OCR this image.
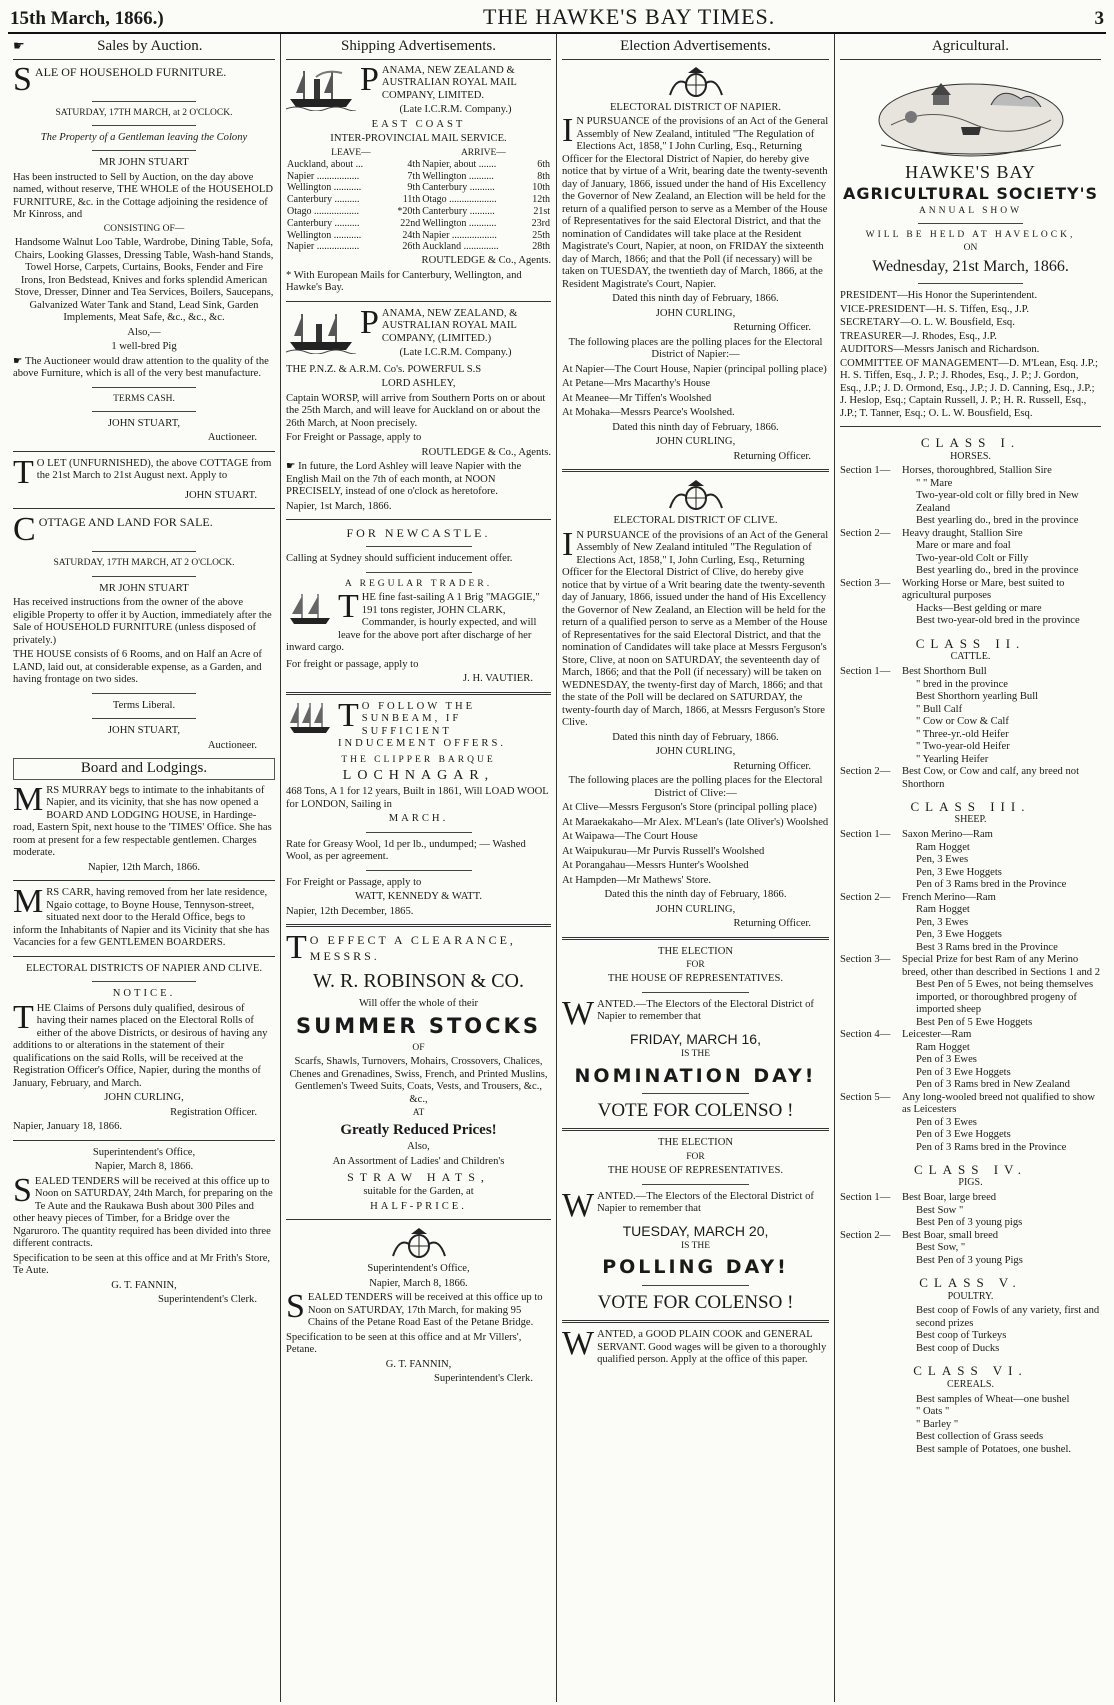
15th March, 1866.)	THE HAWKE'S BAY TIMES.	3
☛	Sales by Auction.

SALE OF HOUSEHOLD FURNITURE.

SATURDAY, 17TH MARCH, at 2 O'CLOCK.

The Property of a Gentleman leaving the Colony

MR JOHN STUART

Has been instructed to Sell by Auction, on the day above named, without reserve, THE WHOLE of the HOUSEHOLD FURNITURE, &c. in the Cottage adjoining the residence of Mr Kinross, and

CONSISTING OF—

Handsome Walnut Loo Table, Wardrobe, Dining Table, Sofa, Chairs, Looking Glasses, Dressing Table, Wash-hand Stands, Towel Horse, Carpets, Curtains, Books, Fender and Fire Irons, Iron Bedstead, Knives and forks splendid American Stove, Dresser, Dinner and Tea Services, Boilers, Saucepans, Galvanized Water Tank and Stand, Lead Sink, Garden Implements, Meat Safe, &c., &c., &c.

Also,—

1 well-bred Pig

☛ The Auctioneer would draw attention to the quality of the above Furniture, which is all of the very best manufacture.

TERMS CASH.

JOHN STUART,

Auctioneer.

T O LET (UNFURNISHED), the above COTTAGE from the 21st March to 21st August next. Apply to

JOHN STUART.

COTTAGE AND LAND FOR SALE.

SATURDAY, 17TH MARCH, AT 2 O'CLOCK.

MR JOHN STUART

Has received instructions from the owner of the above eligible Property to offer it by Auction, immediately after the Sale of HOUSEHOLD FURNITURE (unless disposed of privately.)

THE HOUSE consists of 6 Rooms, and on Half an Acre of LAND, laid out, at considerable expense, as a Garden, and having frontage on two sides.

Terms Liberal.

JOHN STUART,

Auctioneer.

Board and Lodgings.

MRS MURRAY begs to intimate to the inhabitants of Napier, and its vicinity, that she has now opened a BOARD AND LODGING HOUSE, in Hardinge-road, Eastern Spit, next house to the 'TIMES' Office. She has room at present for a few respectable gentlemen. Charges moderate.

Napier, 12th March, 1866.

MRS CARR, having removed from her late residence, Ngaio cottage, to Boyne House, Tennyson-street, situated next door to the Herald Office, begs to inform the Inhabitants of Napier and its Vicinity that she has Vacancies for a few GENTLEMEN BOARDERS.

ELECTORAL DISTRICTS OF NAPIER AND CLIVE.

NOTICE.

THE Claims of Persons duly qualified, desirous of having their names placed on the Electoral Rolls of either of the above Districts, or desirous of having any additions to or alterations in the statement of their qualifications on the said Rolls, will be received at the Registration Officer's Office, Napier, during the months of January, February, and March.

JOHN CURLING,

Registration Officer.

Napier, January 18, 1866.

Superintendent's Office,

Napier, March 8, 1866.

SEALED TENDERS will be received at this office up to Noon on SATURDAY, 24th March, for preparing on the Te Aute and the Raukawa Bush about 300 Piles and other heavy pieces of Timber, for a Bridge over the Ngaruroro. The quantity required has been divided into three different contracts.

Specification to be seen at this office and at Mr Frith's Store, Te Aute.

G. T. FANNIN,

Superintendent's Clerk.

Shipping Advertisements.

PANAMA, NEW ZEALAND & AUSTRALIAN ROYAL MAIL COMPANY, LIMITED.

(Late I.C.R.M. Company.)

EAST COAST

INTER-PROVINCIAL MAIL SERVICE.

LEAVE—	ARRIVE—
Auckland, about ...	4th	Napier, about .......	6th
Napier .................	7th	Wellington ..........	8th
Wellington ...........	9th	Canterbury ..........	10th
Canterbury ..........	11th	Otago ...................	12th
Otago ..................	*20th	Canterbury ..........	21st
Canterbury ..........	22nd	Wellington ...........	23rd
Wellington ...........	24th	Napier ..................	25th
Napier .................	26th	Auckland ..............	28th

ROUTLEDGE & Co., Agents.

* With European Mails for Canterbury, Wellington, and Hawke's Bay.

PANAMA, NEW ZEALAND, & AUSTRALIAN ROYAL MAIL COMPANY, (LIMITED.)

(Late I.C.R.M. Company.)

THE P.N.Z. & A.R.M. Co's. POWERFUL S.S

LORD ASHLEY,

Captain WORSP, will arrive from Southern Ports on or about the 25th March, and will leave for Auckland on or about the 26th March, at Noon precisely.

For Freight or Passage, apply to

ROUTLEDGE & Co., Agents.

☛ In future, the Lord Ashley will leave Napier with the English Mail on the 7th of each month, at NOON PRECISELY, instead of one o'clock as heretofore.

Napier, 1st March, 1866.

FOR NEWCASTLE.

Calling at Sydney should sufficient inducement offer.

A REGULAR TRADER.

THE fine fast-sailing A 1 Brig "MAGGIE," 191 tons register, JOHN CLARK, Commander, is hourly expected, and will leave for the above port after discharge of her inward cargo.

For freight or passage, apply to

J. H. VAUTIER.

T O FOLLOW THE SUNBEAM, IF SUFFICIENT INDUCEMENT OFFERS.

THE CLIPPER BARQUE

LOCHNAGAR,

468 Tons, A 1 for 12 years, Built in 1861, Will LOAD WOOL for LONDON, Sailing in

MARCH.

Rate for Greasy Wool, 1d per lb., undumped; — Washed Wool, as per agreement.

For Freight or Passage, apply to

WATT, KENNEDY & WATT.

Napier, 12th December, 1865.

T O EFFECT A CLEARANCE, MESSRS.

W. R. ROBINSON & CO.

Will offer the whole of their

SUMMER STOCKS

OF

Scarfs, Shawls, Turnovers, Mohairs, Crossovers, Chalices, Chenes and Grenadines, Swiss, French, and Printed Muslins, Gentlemen's Tweed Suits, Coats, Vests, and Trousers, &c., &c.,

AT

Greatly Reduced Prices!

Also,

An Assortment of Ladies' and Children's

STRAW HATS,

suitable for the Garden, at

HALF-PRICE.

Superintendent's Office,

Napier, March 8, 1866.

SEALED TENDERS will be received at this office up to Noon on SATURDAY, 17th March, for making 95 Chains of the Petane Road East of the Petane Bridge.

Specification to be seen at this office and at Mr Villers', Petane.

G. T. FANNIN,

Superintendent's Clerk.

Election Advertisements.

ELECTORAL DISTRICT OF NAPIER.

I N PURSUANCE of the provisions of an Act of the General Assembly of New Zealand, intituled "The Regulation of Elections Act, 1858," I John Curling, Esq., Returning Officer for the Electoral District of Napier, do hereby give notice that by virtue of a Writ, bearing date the twenty-seventh day of January, 1866, issued under the hand of His Excellency the Governor of New Zealand, an Election will be held for the return of a qualified person to serve as a Member of the House of Representatives for the said Electoral District, and that the nomination of Candidates will take place at the Resident Magistrate's Court, Napier, at noon, on FRIDAY the sixteenth day of March, 1866; and that the Poll (if necessary) will be taken on TUESDAY, the twentieth day of March, 1866, at the Resident Magistrate's Court, Napier.

Dated this ninth day of February, 1866.

JOHN CURLING,

Returning Officer.

The following places are the polling places for the Electoral District of Napier:—

At Napier—The Court House, Napier (principal polling place)

At Petane—Mrs Macarthy's House

At Meanee—Mr Tiffen's Woolshed

At Mohaka—Messrs Pearce's Woolshed.

Dated this ninth day of February, 1866.

JOHN CURLING,

Returning Officer.

ELECTORAL DISTRICT OF CLIVE.

I N PURSUANCE of the provisions of an Act of the General Assembly of New Zealand intituled "The Regulation of Elections Act, 1858," I, John Curling, Esq., Returning Officer for the Electoral District of Clive, do hereby give notice that by virtue of a Writ bearing date the twenty-seventh day of January, 1866, issued under the hand of His Excellency the Governor of New Zealand, an Election will be held for the return of a qualified person to serve as a Member of the House of Representatives for the said Electoral District, and that the nomination of Candidates will take place at Messrs Ferguson's Store, Clive, at noon on SATURDAY, the seventeenth day of March, 1866; and that the Poll (if necessary) will be taken on WEDNESDAY, the twenty-first day of March, 1866; and that the state of the Poll will be declared on SATURDAY, the twenty-fourth day of March, 1866, at Messrs Ferguson's Store Clive.

Dated this ninth day of February, 1866.

JOHN CURLING,

Returning Officer.

The following places are the polling places for the Electoral District of Clive:—

At Clive—Messrs Ferguson's Store (principal polling place)

At Maraekakaho—Mr Alex. M'Lean's (late Oliver's) Woolshed

At Waipawa—The Court House

At Waipukurau—Mr Purvis Russell's Woolshed

At Porangahau—Messrs Hunter's Woolshed

At Hampden—Mr Mathews' Store.

Dated this the ninth day of February, 1866.

JOHN CURLING,

Returning Officer.

THE ELECTION

FOR

THE HOUSE OF REPRESENTATIVES.

WANTED.—The Electors of the Electoral District of Napier to remember that

FRIDAY, MARCH 16,

IS THE

NOMINATION DAY!

VOTE FOR COLENSO !

THE ELECTION

FOR

THE HOUSE OF REPRESENTATIVES.

WANTED.—The Electors of the Electoral District of Napier to remember that

TUESDAY, MARCH 20,

IS THE

POLLING DAY!

VOTE FOR COLENSO !

WANTED, a GOOD PLAIN COOK and GENERAL SERVANT. Good wages will be given to a thoroughly qualified person. Apply at the office of this paper.

Agricultural.

HAWKE'S BAY

AGRICULTURAL SOCIETY'S

ANNUAL SHOW

WILL BE HELD AT HAVELOCK,

ON

Wednesday, 21st March, 1866.

PRESIDENT—His Honor the Superintendent.

VICE-PRESIDENT—H. S. Tiffen, Esq., J.P.

SECRETARY—O. L. W. Bousfield, Esq.

TREASURER—J. Rhodes, Esq., J.P.

AUDITORS—Messrs Janisch and Richardson.

COMMITTEE OF MANAGEMENT—D. M'Lean, Esq. J.P.; H. S. Tiffen, Esq., J. P.; J. Rhodes, Esq., J. P.; J. Gordon, Esq., J.P.; J. D. Ormond, Esq., J.P.; J. D. Canning, Esq., J.P.; J. Heslop, Esq.; Captain Russell, J. P.; H. R. Russell, Esq., J.P.; T. Tanner, Esq.; O. L. W. Bousfield, Esq.

CLASS I.
HORSES.
Section 1—	Horses, thoroughbred, Stallion Sire
" " Mare
Two-year-old colt or filly bred in New Zealand
Best yearling do., bred in the province
Section 2—	Heavy draught, Stallion Sire
Mare or mare and foal
Two-year-old Colt or Filly
Best yearling do., bred in the province
Section 3—	Working Horse or Mare, best suited to agricultural purposes
Hacks—Best gelding or mare
Best two-year-old bred in the province
CLASS II.
CATTLE.
Section 1—	Best Shorthorn Bull
" bred in the province
Best Shorthorn yearling Bull
" Bull Calf
" Cow or Cow & Calf
" Three-yr.-old Heifer
" Two-year-old Heifer
" Yearling Heifer
Section 2—	Best Cow, or Cow and calf, any breed not Shorthorn
CLASS III.
SHEEP.
Section 1—	Saxon Merino—Ram
Ram Hogget
Pen, 3 Ewes
Pen, 3 Ewe Hoggets
Pen of 3 Rams bred in the Province
Section 2—	French Merino—Ram
Ram Hogget
Pen, 3 Ewes
Pen, 3 Ewe Hoggets
Best 3 Rams bred in the Province
Section 3—	Special Prize for best Ram of any Merino breed, other than described in Sections 1 and 2
Best Pen of 5 Ewes, not being themselves imported, or thoroughbred progeny of imported sheep
Best Pen of 5 Ewe Hoggets
Section 4—	Leicester—Ram
Ram Hogget
Pen of 3 Ewes
Pen of 3 Ewe Hoggets
Pen of 3 Rams bred in New Zealand
Section 5—	Any long-wooled breed not qualified to show as Leicesters
Pen of 3 Ewes
Pen of 3 Ewe Hoggets
Pen of 3 Rams bred in the Province
CLASS IV.
PIGS.
Section 1—	Best Boar, large breed
Best Sow "
Best Pen of 3 young pigs
Section 2—	Best Boar, small breed
Best Sow, "
Best Pen of 3 young Pigs
CLASS V.
POULTRY.
Best coop of Fowls of any variety, first and second prizes
Best coop of Turkeys
Best coop of Ducks
CLASS VI.
CEREALS.
Best samples of Wheat—one bushel
" Oats "
" Barley "
Best collection of Grass seeds
Best sample of Potatoes, one bushel.
